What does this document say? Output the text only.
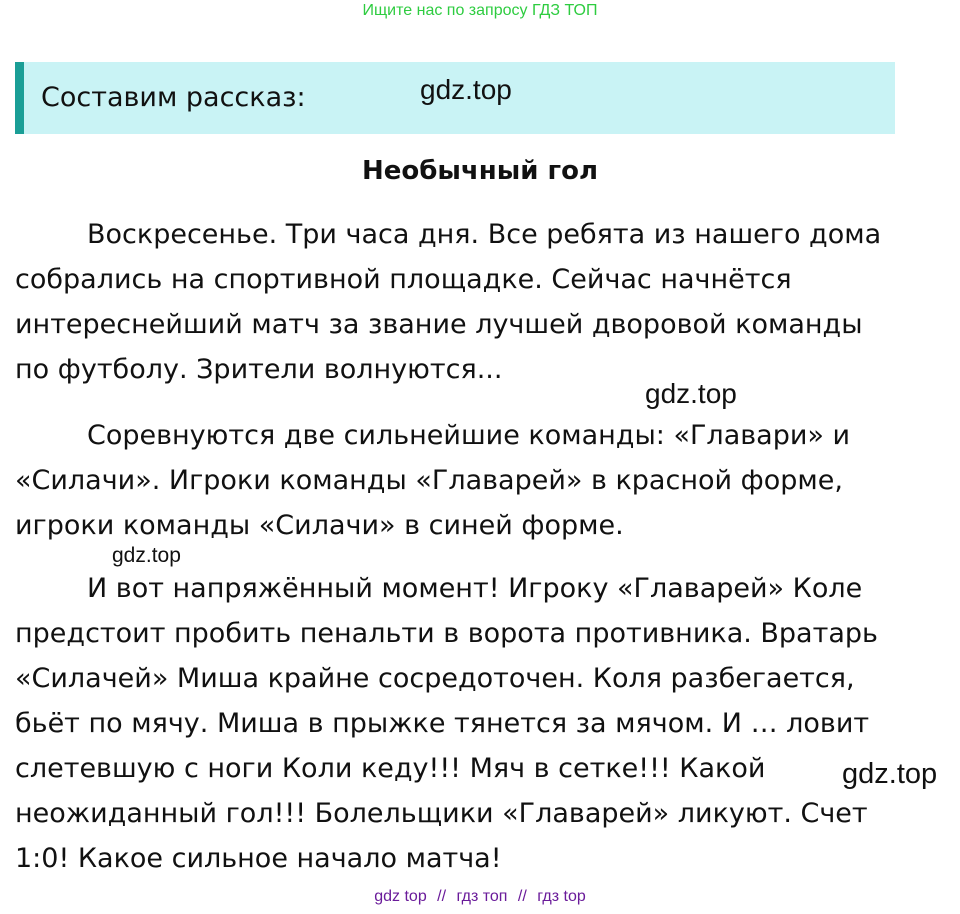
Ищите нас по запросу ГДЗ ТОП
Составим рассказ:	gdz.top
Необычный гол

Воскресенье. Три часа дня. Все ребята из нашего дома
собрались на спортивной площадке. Сейчас начнётся
интереснейший матч за звание лучшей дворовой команды
по футболу. Зрители волнуются...

gdz.top

Соревнуются две сильнейшие команды: «Главари» и
«Силачи». Игроки команды «Главарей» в красной форме,
игроки команды «Силачи» в синей форме.

gdz.top

И вот напряжённый момент! Игроку «Главарей» Коле
предстоит пробить пенальти в ворота противника. Вратарь
«Силачей» Миша крайне сосредоточен. Коля разбегается,
бьёт по мячу. Миша в прыжке тянется за мячом. И … ловит
слетевшую с ноги Коли кеду!!! Мяч в сетке!!! Какой
неожиданный гол!!! Болельщики «Главарей» ликуют. Счет
1:0! Какое сильное начало матча!

gdz.top
gdz top // гдз топ // гдз top
